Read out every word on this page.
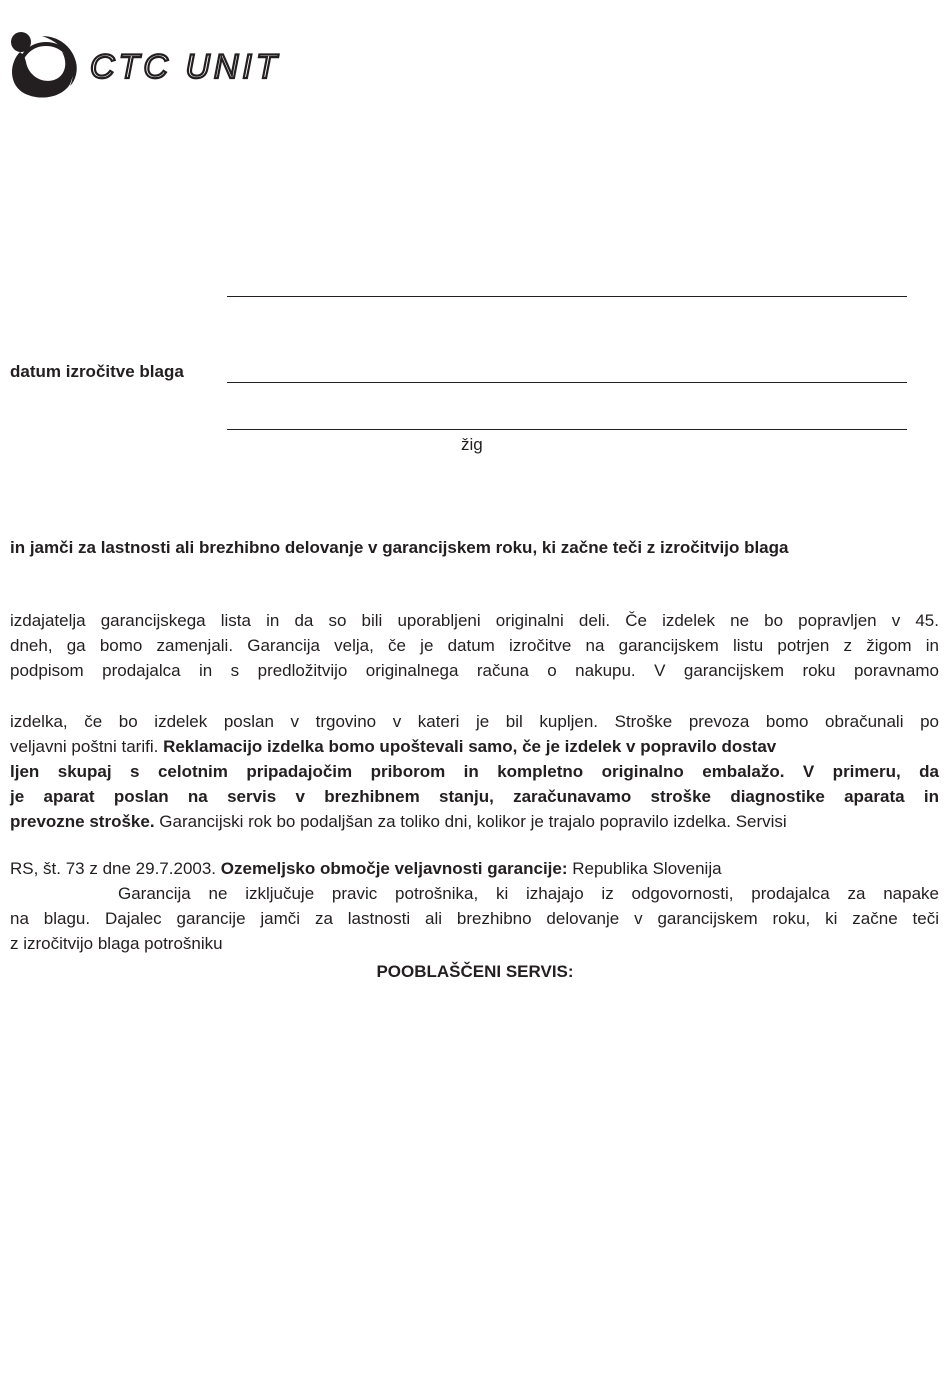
CTC UNIT
datum izročitve blaga
žig
in jamči za lastnosti ali brezhibno delovanje v garancijskem roku, ki začne teči z izročitvijo blaga
izdajatelja garancijskega lista in da so bili uporabljeni originalni deli. Če izdelek ne bo popravljen v 45.
dneh, ga bomo zamenjali. Garancija velja, če je datum izročitve na garancijskem listu potrjen z žigom in
podpisom prodajalca in s predložitvijo originalnega računa o nakupu. V garancijskem roku poravnamo
izdelka, če bo izdelek poslan v trgovino v kateri je bil kupljen. Stroške prevoza bomo obračunali po
veljavni poštni tarifi. Reklamacijo izdelka bomo upoštevali samo, če je izdelek v popravilo dostav
ljen skupaj s celotnim pripadajočim priborom in kompletno originalno embalažo. V primeru, da
je aparat poslan na servis v brezhibnem stanju, zaračunavamo stroške diagnostike aparata in
prevozne stroške. Garancijski rok bo podaljšan za toliko dni, kolikor je trajalo popravilo izdelka. Servisi
RS, št. 73 z dne 29.7.2003. Ozemeljsko območje veljavnosti garancije: Republika Slovenija
Garancija ne izključuje pravic potrošnika, ki izhajajo iz odgovornosti, prodajalca za napake
na blagu. Dajalec garancije jamči za lastnosti ali brezhibno delovanje v garancijskem roku, ki začne teči
z izročitvijo blaga potrošniku
POOBLAŠČENI SERVIS:
